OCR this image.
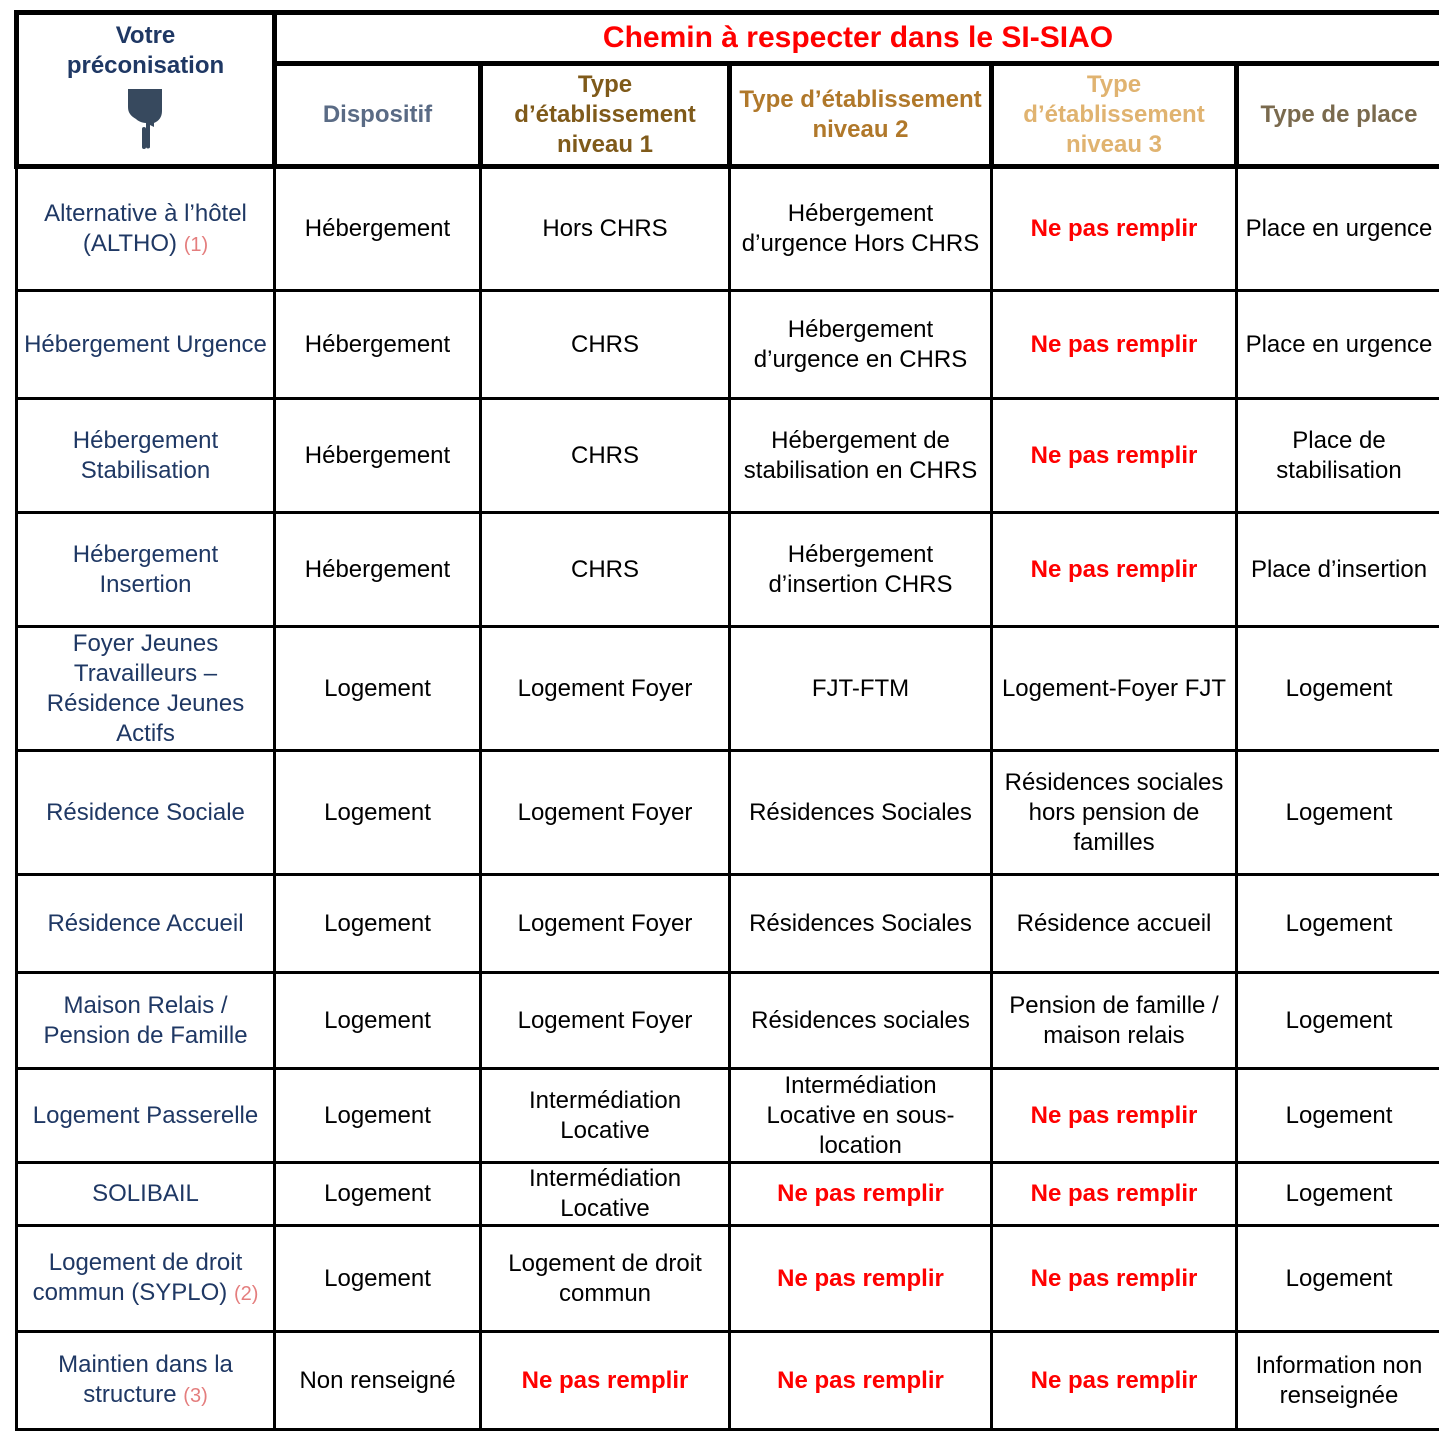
Votre
préconisation	Chemin à respecter dans le SI-SIAO				
	Dispositif	Type d’établissement niveau 1	Type d’établissement niveau 2	Type d’établissement niveau 3	Type de place
Alternative à l’hôtel (ALTHO) (1)	Hébergement	Hors CHRS	Hébergement d’urgence Hors CHRS	Ne pas remplir	Place en urgence
Hébergement Urgence	Hébergement	CHRS	Hébergement d’urgence en CHRS	Ne pas remplir	Place en urgence
Hébergement Stabilisation	Hébergement	CHRS	Hébergement de stabilisation en CHRS	Ne pas remplir	Place de stabilisation
Hébergement Insertion	Hébergement	CHRS	Hébergement d’insertion CHRS	Ne pas remplir	Place d’insertion
Foyer Jeunes Travailleurs – Résidence Jeunes Actifs	Logement	Logement Foyer	FJT-FTM	Logement-Foyer FJT	Logement
Résidence Sociale	Logement	Logement Foyer	Résidences Sociales	Résidences sociales hors pension de familles	Logement
Résidence Accueil	Logement	Logement Foyer	Résidences Sociales	Résidence accueil	Logement
Maison Relais / Pension de Famille	Logement	Logement Foyer	Résidences sociales	Pension de famille / maison relais	Logement
Logement Passerelle	Logement	Intermédiation Locative	Intermédiation Locative en sous-location	Ne pas remplir	Logement
SOLIBAIL	Logement	Intermédiation Locative	Ne pas remplir	Ne pas remplir	Logement
Logement de droit commun (SYPLO) (2)	Logement	Logement de droit commun	Ne pas remplir	Ne pas remplir	Logement
Maintien dans la structure (3)	Non renseigné	Ne pas remplir	Ne pas remplir	Ne pas remplir	Information non renseignée
